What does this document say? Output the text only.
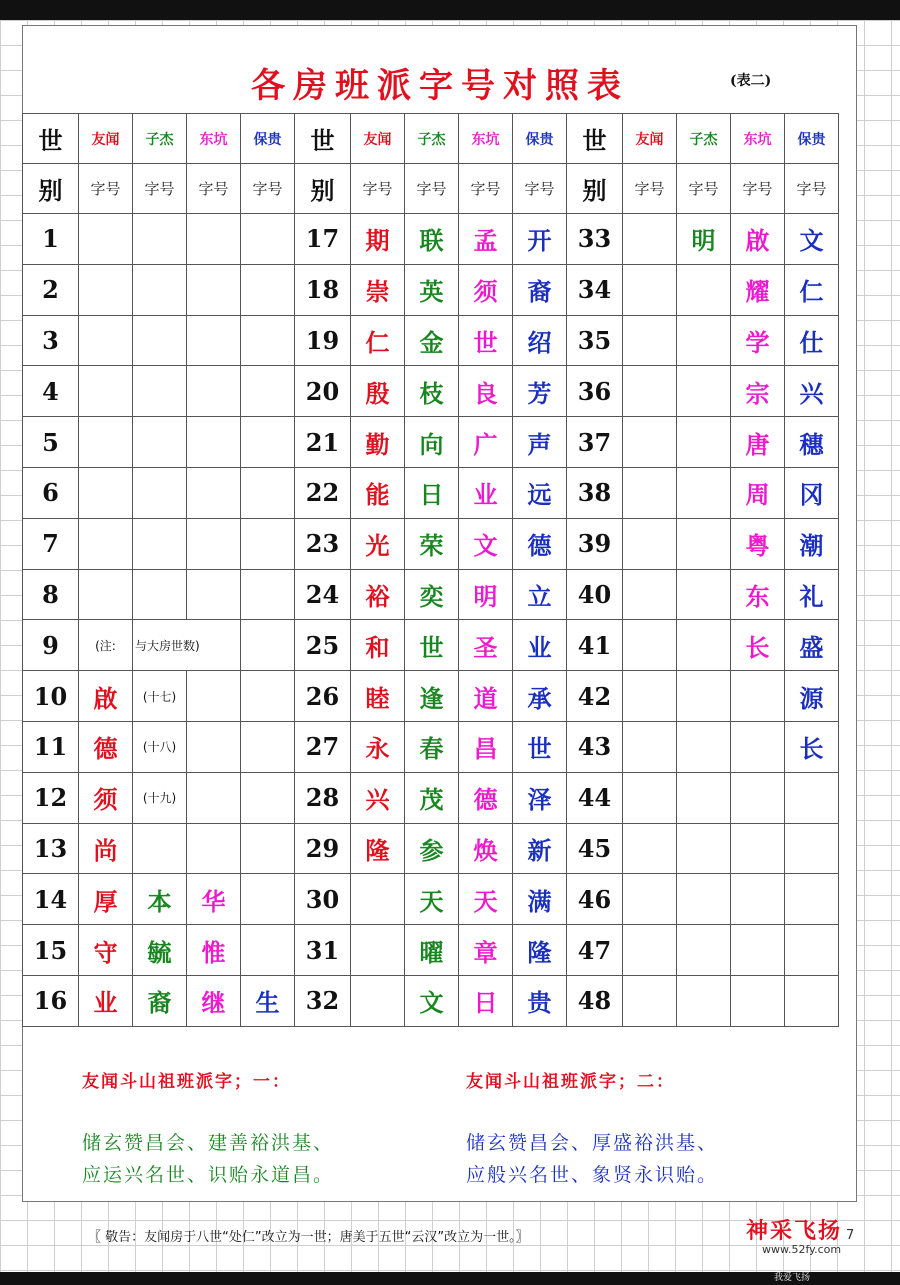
各房班派字号对照表	(表二)
世	友闻	子杰	东坑	保贵	世	友闻	子杰	东坑	保贵	世	友闻	子杰	东坑	保贵
别	字号	字号	字号	字号	别	字号	字号	字号	字号	别	字号	字号	字号	字号
1					17	期	联	孟	开	33		明	啟	文
2					18	崇	英	须	裔	34			耀	仁
3					19	仁	金	世	绍	35			学	仕
4					20	殷	枝	良	芳	36			宗	兴
5					21	勤	向	广	声	37			唐	穗
6					22	能	日	业	远	38			周	冈
7					23	光	荣	文	德	39			粤	潮
8					24	裕	奕	明	立	40			东	礼
9	(注:	与大房世数)			25	和	世	圣	业	41			长	盛
10	啟	(十七)			26	睦	逢	道	承	42				源
11	德	(十八)			27	永	春	昌	世	43				长
12	须	(十九)			28	兴	茂	德	泽	44				
13	尚				29	隆	参	焕	新	45				
14	厚	本	华		30		天	天	满	46				
15	守	毓	惟		31		曜	章	隆	47				
16	业	裔	继	生	32		文	日	贵	48				
友闻斗山祖班派字；一：	友闻斗山祖班派字；二：
储玄赞昌会、建善裕洪基、
应运兴名世、识贻永道昌。
储玄赞昌会、厚盛裕洪基、
应般兴名世、象贤永识贻。
〖 敬告：友闻房于八世“处仁”改立为一世；唐美于五世“云汉”改立为一世。〗	7
神采飞扬
www.52fy.com
我爱飞扬
